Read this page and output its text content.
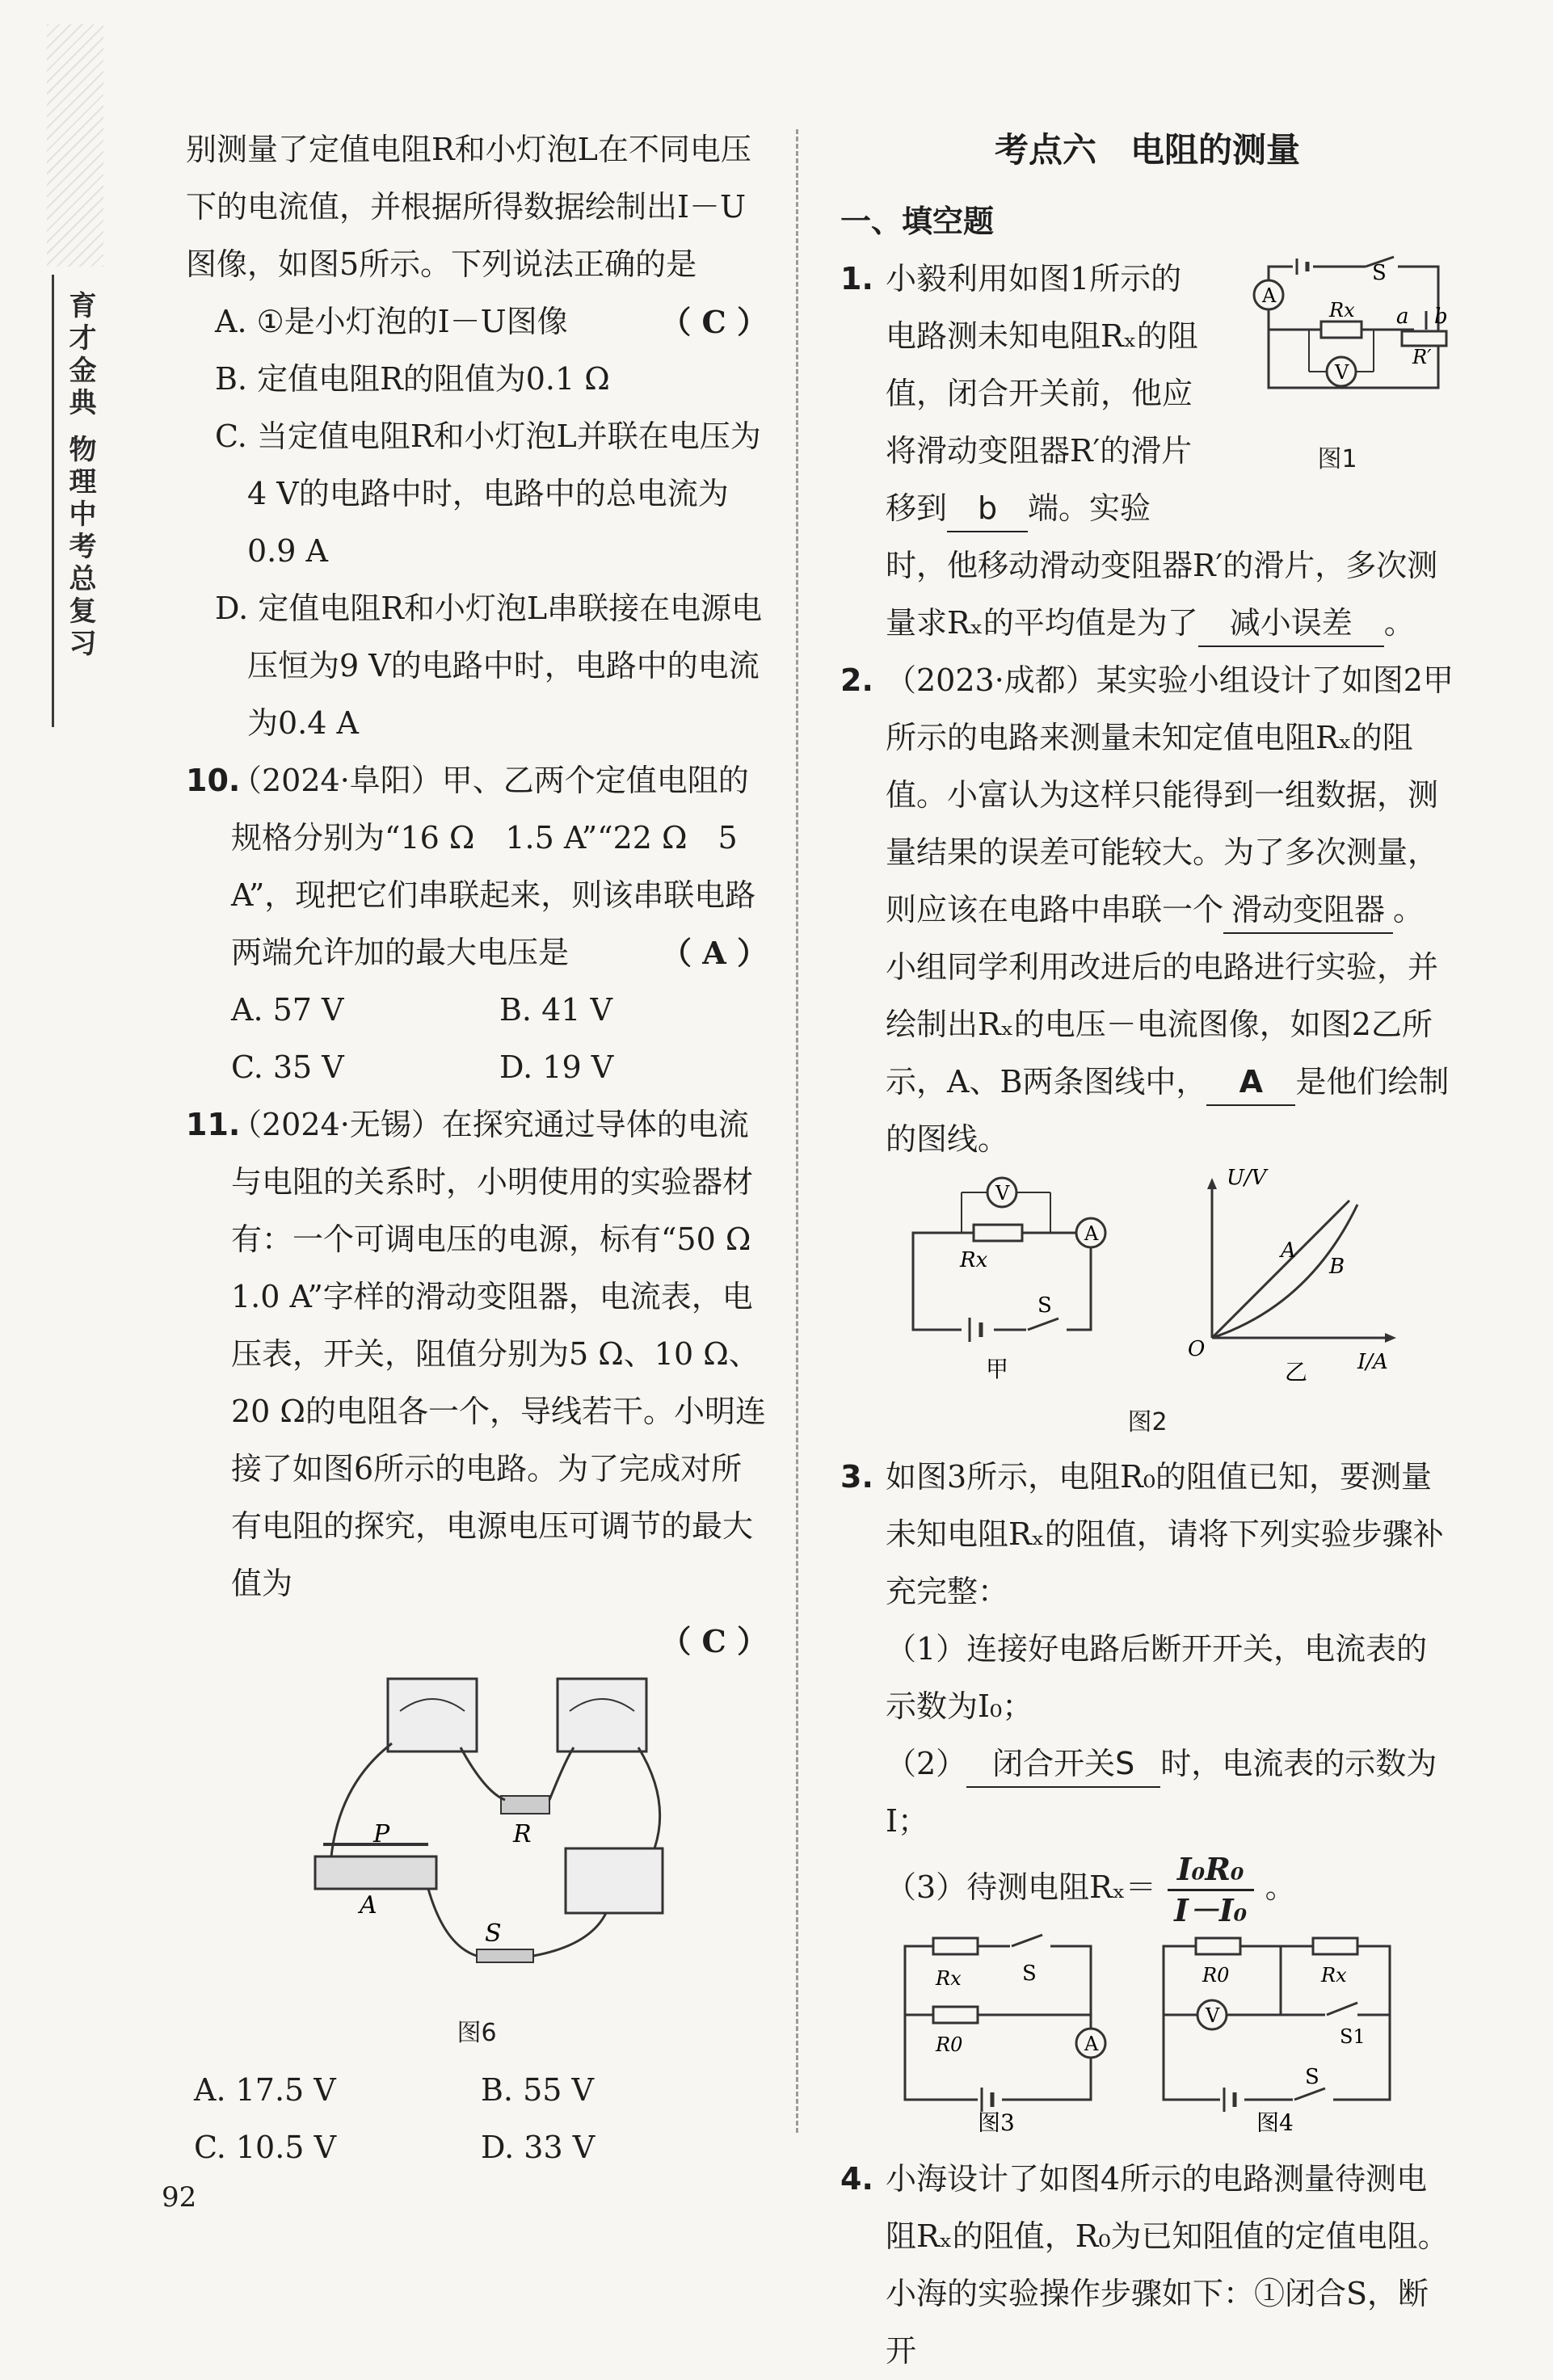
育才金典 物理中考总复习

别测量了定值电阻R和小灯泡L在不同电压下的电流值，并根据所得数据绘制出I－U图像，如图5所示。下列说法正确的是
（ C ）

A. ①是小灯泡的I－U图像

B. 定值电阻R的阻值为0.1 Ω

C. 当定值电阻R和小灯泡L并联在电压为4 V的电路中时，电路中的总电流为0.9 A

D. 定值电阻R和小灯泡L串联接在电源电压恒为9 V的电路中时，电路中的电流为0.4 A

10.

（2024·阜阳）甲、乙两个定值电阻的规格分别为“16 Ω　1.5 A”“22 Ω　5 A”，现把它们串联起来，则该串联电路两端允许加的最大电压是	（ A ）

A. 57 V	B. 41 V
C. 35 V	D. 19 V
11.

（2024·无锡）在探究通过导体的电流与电阻的关系时，小明使用的实验器材有：一个可调电压的电源，标有“50 Ω 1.0 A”字样的滑动变阻器，电流表，电压表，开关，阻值分别为5 Ω、10 Ω、20 Ω的电阻各一个，导线若干。小明连接了如图6所示的电路。为了完成对所有电阻的探究，电源电压可调节的最大值为

（ C ）

P
A
R
S

图6

A. 17.5 V	B. 55 V
C. 10.5 V	D. 33 V

考点六　电阻的测量

一、填空题

1.	A
V
S
Rx a b
R′
图1

小毅利用如图1所示的电路测未知电阻Rₓ的阻值，闭合开关前，他应将滑动变阻器R′的滑片移到 b 端。实验时，他移动滑动变阻器R′的滑片，多次测量求Rₓ的平均值是为了 减小误差 。

2. （2023·成都）某实验小组设计了如图2甲所示的电路来测量未知定值电阻Rₓ的阻值。小富认为这样只能得到一组数据，测量结果的误差可能较大。为了多次测量，则应该在电路中串联一个 滑动变阻器 。小组同学利用改进后的电路进行实验，并绘制出Rₓ的电压－电流图像，如图2乙所示，A、B两条图线中， A 是他们绘制的图线。

V
A
Rx
S
甲
U/V
I/A
O
A
B
乙

图2

3. 如图3所示，电阻R₀的阻值已知，要测量未知电阻Rₓ的阻值，请将下列实验步骤补充完整：

（1）连接好电路后断开开关，电流表的示数为I₀；

（2） 闭合开关S 时，电流表的示数为I；

（3）待测电阻$R_x= \frac{\text{I₀R₀}}{\text{I－I₀}}$ 。

A
Rx	S
R0
V
R0	Rx
S1
S
图3	图4
4. 小海设计了如图4所示的电路测量待测电阻Rₓ的阻值，R₀为已知阻值的定值电阻。小海的实验操作步骤如下：①闭合S，断开

92
